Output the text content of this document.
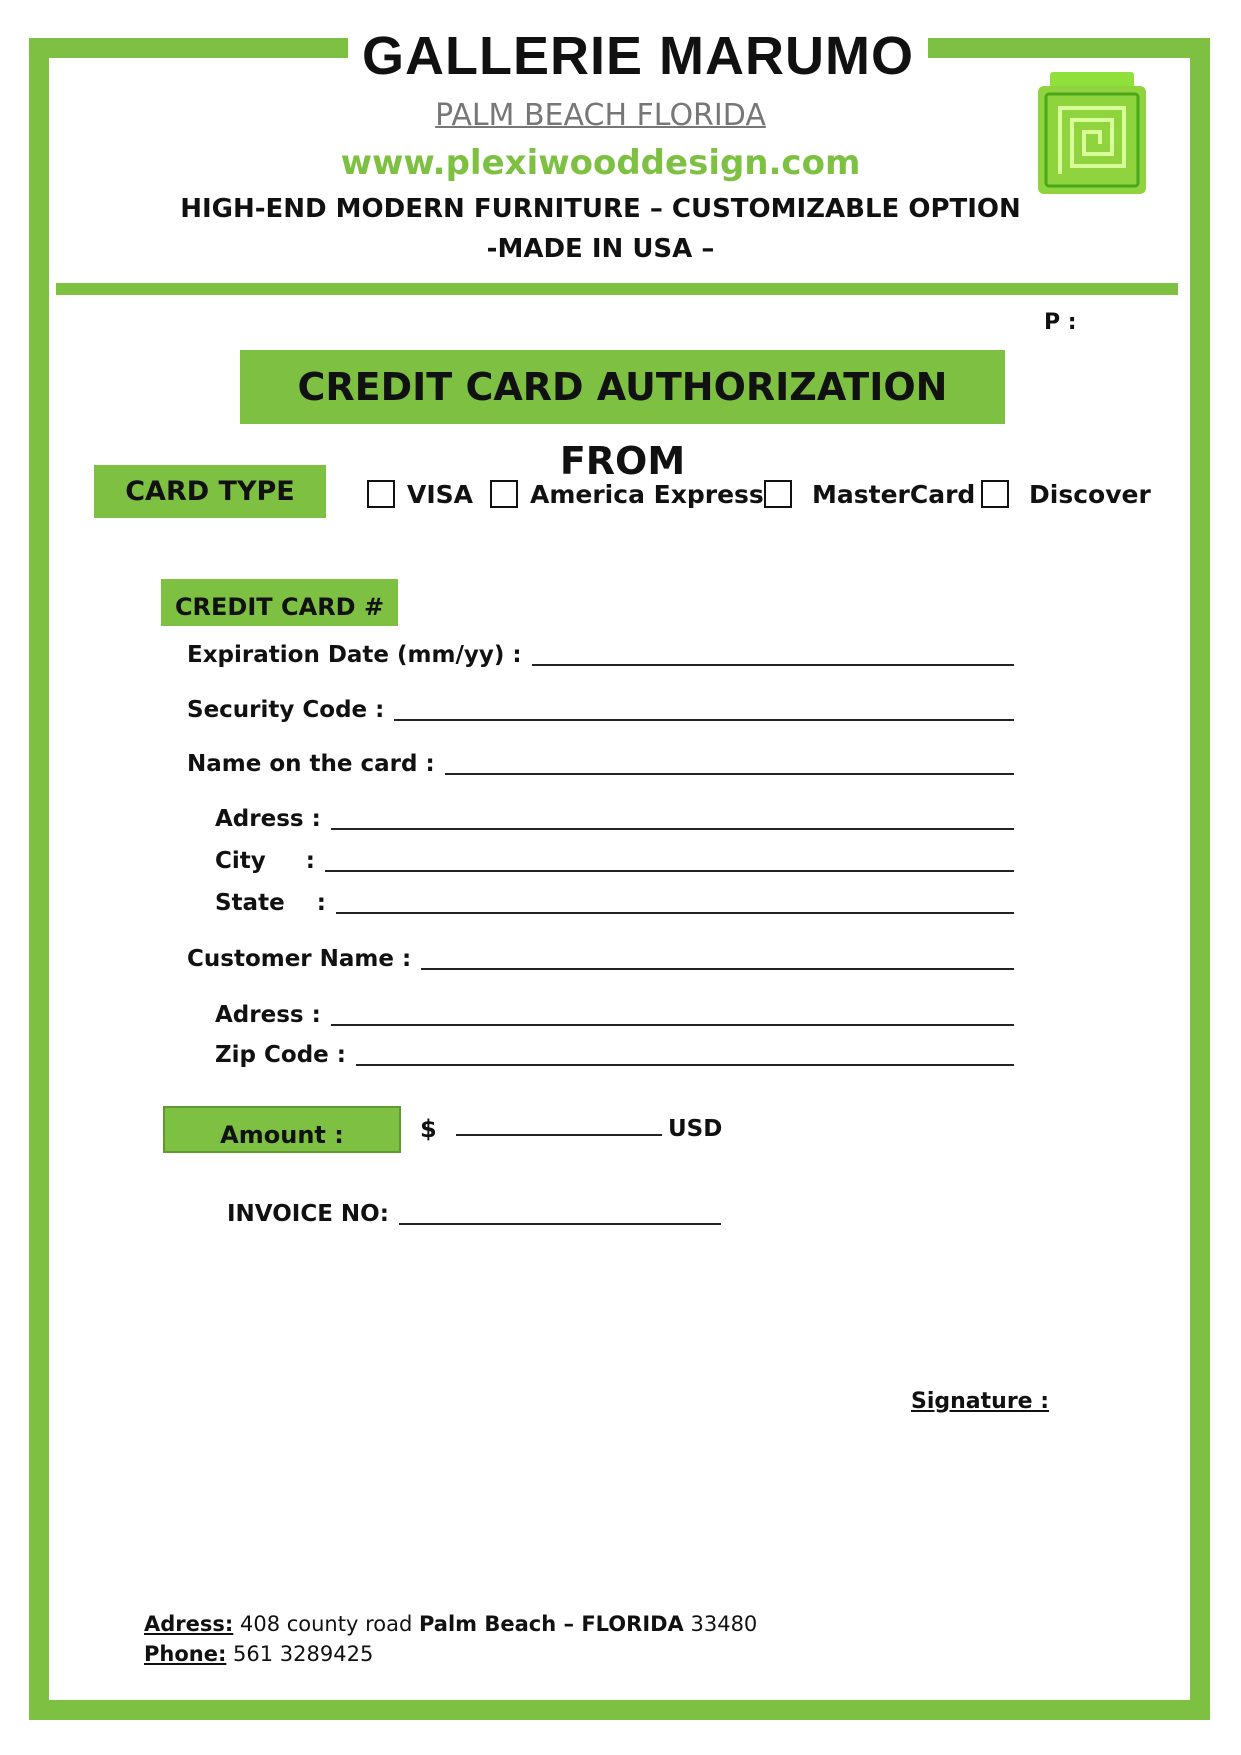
GALLERIE MARUMO
PALM BEACH FLORIDA
www.plexiwooddesign.com
HIGH-END MODERN FURNITURE – CUSTOMIZABLE OPTION
-MADE IN USA –
P :
CREDIT CARD AUTHORIZATION FROM
CARD TYPE	VISA America Express MasterCard Discover
CREDIT CARD #
Expiration Date (mm/yy) :
Security Code :
Name on the card :
Adress :
City     :
State    :
Customer Name :
Adress :
Zip Code :
Amount :	$	USD
INVOICE NO:
Signature :
Adress: 408 county road Palm Beach – FLORIDA 33480
Phone: 561 3289425
